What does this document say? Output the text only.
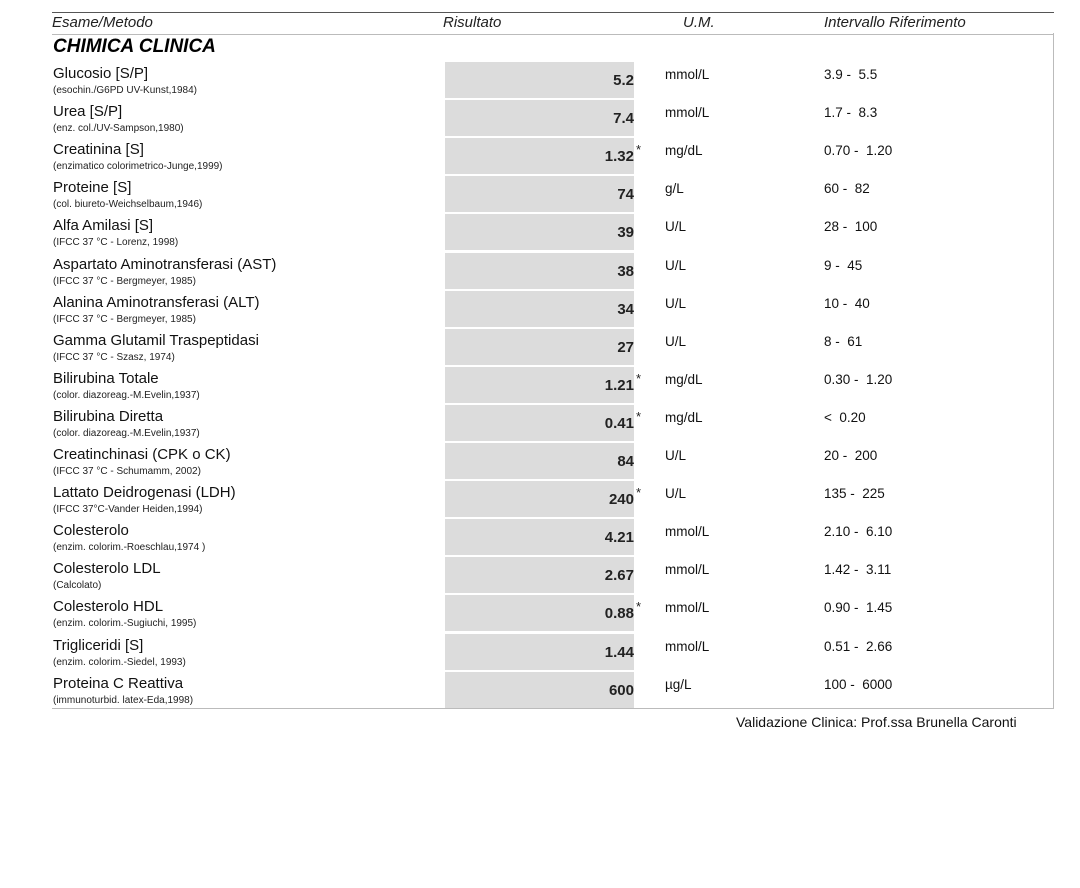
Esame/Metodo	Risultato	U.M.	Intervallo Riferimento
CHIMICA CLINICA
Glucosio [S/P]
(esochin./G6PD UV-Kunst,1984)
5.2 mmol/L	3.9 -  5.5
Urea [S/P]
(enz. col./UV-Sampson,1980)
7.4 mmol/L	1.7 -  8.3
Creatinina [S]
(enzimatico colorimetrico-Junge,1999)
1.32 * mg/dL	0.70 -  1.20
Proteine [S]
(col. biureto-Weichselbaum,1946)
74 g/L	60 -  82
Alfa Amilasi [S]
(IFCC 37 °C - Lorenz, 1998)
39 U/L	28 -  100
Aspartato Aminotransferasi (AST)
(IFCC 37 °C - Bergmeyer, 1985)
38 U/L	9 -  45
Alanina Aminotransferasi (ALT)
(IFCC 37 °C - Bergmeyer, 1985)
34 U/L	10 -  40
Gamma Glutamil Traspeptidasi
(IFCC 37 °C - Szasz, 1974)
27 U/L	8 -  61
Bilirubina Totale
(color. diazoreag.-M.Evelin,1937)
1.21 * mg/dL	0.30 -  1.20
Bilirubina Diretta
(color. diazoreag.-M.Evelin,1937)
0.41 * mg/dL	<  0.20
Creatinchinasi (CPK o CK)
(IFCC 37 °C - Schumamm, 2002)
84 U/L	20 -  200
Lattato Deidrogenasi (LDH)
(IFCC 37°C-Vander Heiden,1994)
240 * U/L	135 -  225
Colesterolo
(enzim. colorim.-Roeschlau,1974 )
4.21 mmol/L	2.10 -  6.10
Colesterolo LDL
(Calcolato)
2.67 mmol/L	1.42 -  3.11
Colesterolo HDL
(enzim. colorim.-Sugiuchi, 1995)
0.88 * mmol/L	0.90 -  1.45
Trigliceridi [S]
(enzim. colorim.-Siedel, 1993)
1.44 mmol/L	0.51 -  2.66
Proteina C Reattiva
(immunoturbid. latex-Eda,1998)
600 µg/L	100 -  6000
Validazione Clinica: Prof.ssa Brunella Caronti
